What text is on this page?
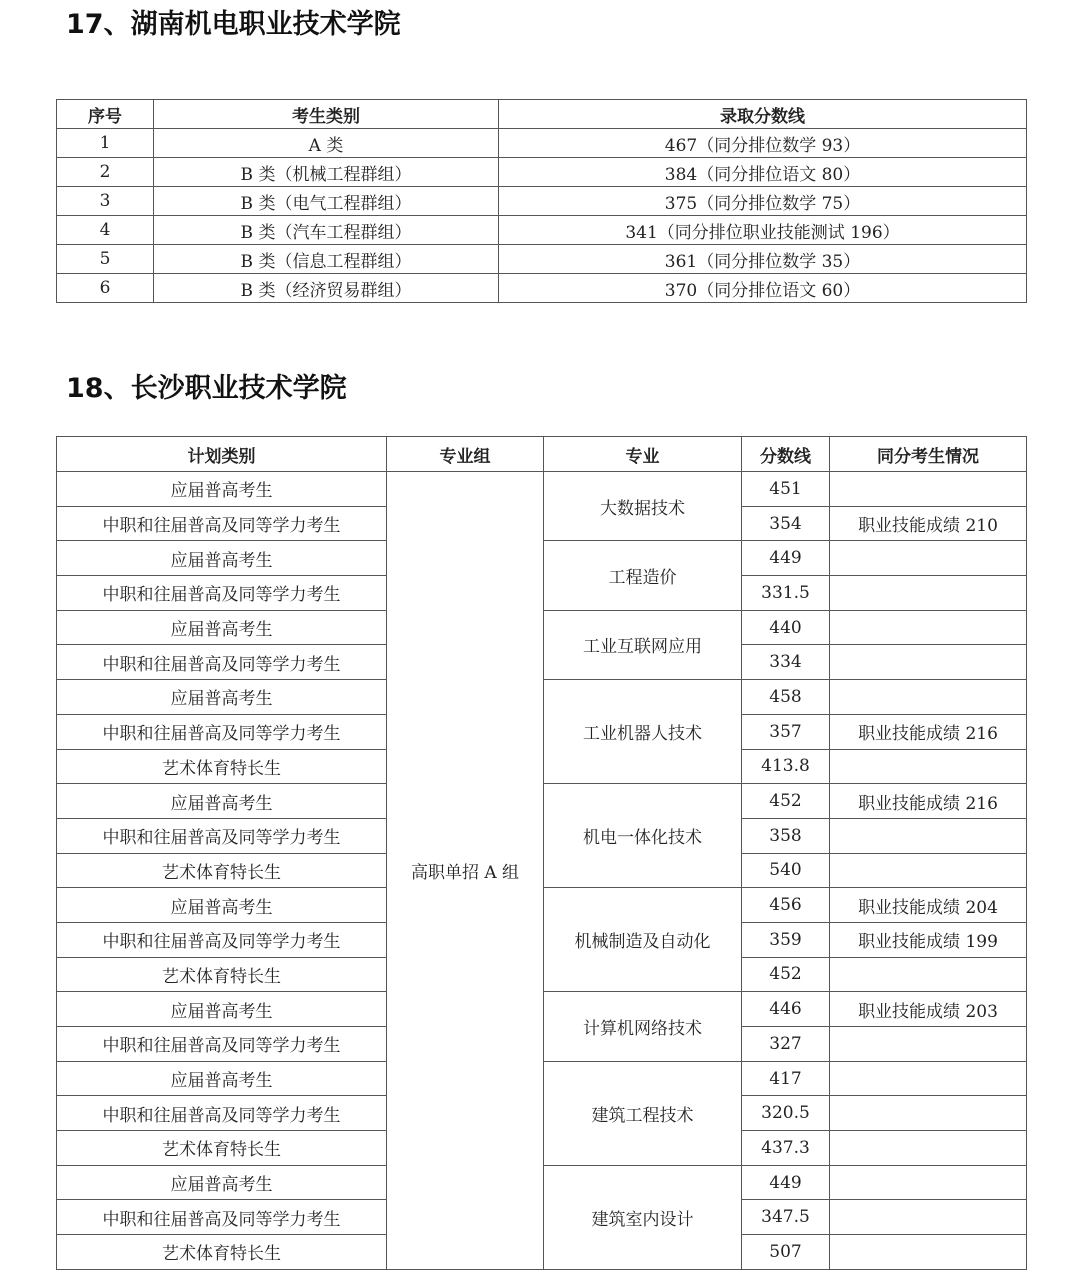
17、湖南机电职业技术学院
序号	考生类别	录取分数线
1	A 类	467（同分排位数学 93）
2	B 类（机械工程群组）	384（同分排位语文 80）
3	B 类（电气工程群组）	375（同分排位数学 75）
4	B 类（汽车工程群组）	341（同分排位职业技能测试 196）
5	B 类（信息工程群组）	361（同分排位数学 35）
6	B 类（经济贸易群组）	370（同分排位语文 60）
18、长沙职业技术学院
计划类别	专业组	专业	分数线	同分考生情况
应届普高考生	高职单招 A 组	大数据技术	451	
中职和往届普高及同等学力考生			354	职业技能成绩 210
应届普高考生		工程造价	449	
中职和往届普高及同等学力考生			331.5	
应届普高考生		工业互联网应用	440	
中职和往届普高及同等学力考生			334	
应届普高考生		工业机器人技术	458	
中职和往届普高及同等学力考生			357	职业技能成绩 216
艺术体育特长生			413.8	
应届普高考生		机电一体化技术	452	职业技能成绩 216
中职和往届普高及同等学力考生			358	
艺术体育特长生			540	
应届普高考生		机械制造及自动化	456	职业技能成绩 204
中职和往届普高及同等学力考生			359	职业技能成绩 199
艺术体育特长生			452	
应届普高考生		计算机网络技术	446	职业技能成绩 203
中职和往届普高及同等学力考生			327	
应届普高考生		建筑工程技术	417	
中职和往届普高及同等学力考生			320.5	
艺术体育特长生			437.3	
应届普高考生		建筑室内设计	449	
中职和往届普高及同等学力考生			347.5	
艺术体育特长生			507	
